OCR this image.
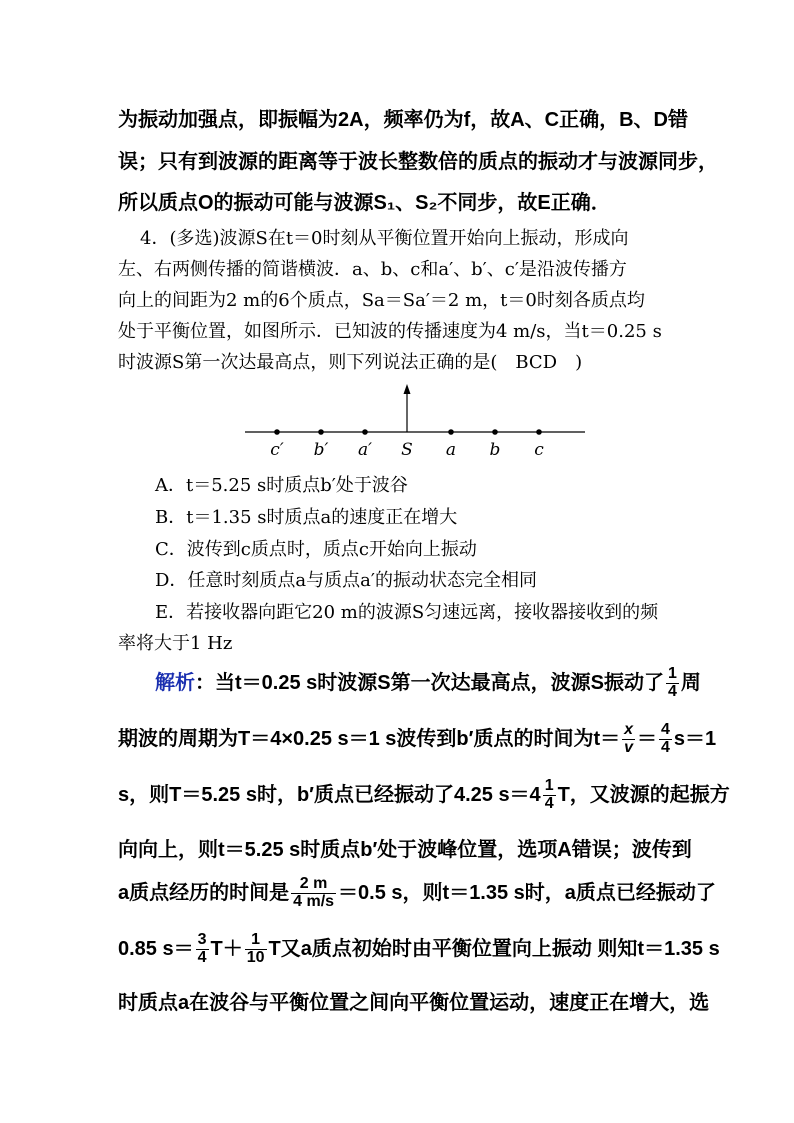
为振动加强点，即振幅为2A，频率仍为f，故A、C正确，B、D错
误；只有到波源的距离等于波长整数倍的质点的振动才与波源同步，
所以质点O的振动可能与波源S₁、S₂不同步，故E正确．
4．(多选)波源S在t＝0时刻从平衡位置开始向上振动，形成向
左、右两侧传播的简谐横波．a、b、c和a′、b′、c′是沿波传播方
向上的间距为2 m的6个质点，Sa＝Sa′＝2 m，t＝0时刻各质点均
处于平衡位置，如图所示．已知波的传播速度为4 m/s，当t＝0.25 s
时波源S第一次达最高点，则下列说法正确的是(　BCD　)
c′ b′ a′ S a b c
A．t＝5.25 s时质点b′处于波谷
B．t＝1.35 s时质点a的速度正在增大
C．波传到c质点时，质点c开始向上振动
D．任意时刻质点a与质点a′的振动状态完全相同
E．若接收器向距它20 m的波源S匀速远离，接收器接收到的频
率将大于1 Hz
解析：当t＝0.25 s时波源S第一次达最高点，波源S振动了 $\frac{1}{4}$ 周
期波的周期为T＝4×0.25 s＝1 s波传到b′质点的时间为$t= \frac{x}{v} = \frac{4}{4} s=1$
s，则T＝5.25 s时，b′质点已经振动了4.25 $s=4 \frac{1}{4}$ T，又波源的起振方
向向上，则t＝5.25 s时质点b′处于波峰位置，选项A错误；波传到
a质点经历的时间是 $\frac{2 m}{4 m/s} =0.5$ s，则t＝1.35 s时，a质点已经振动了
0.85 $s= \frac{3}{4} T+ \frac{1}{10}$ T又a质点初始时由平衡位置向上振动 则知t＝1.35 s
时质点a在波谷与平衡位置之间向平衡位置运动，速度正在增大，选
